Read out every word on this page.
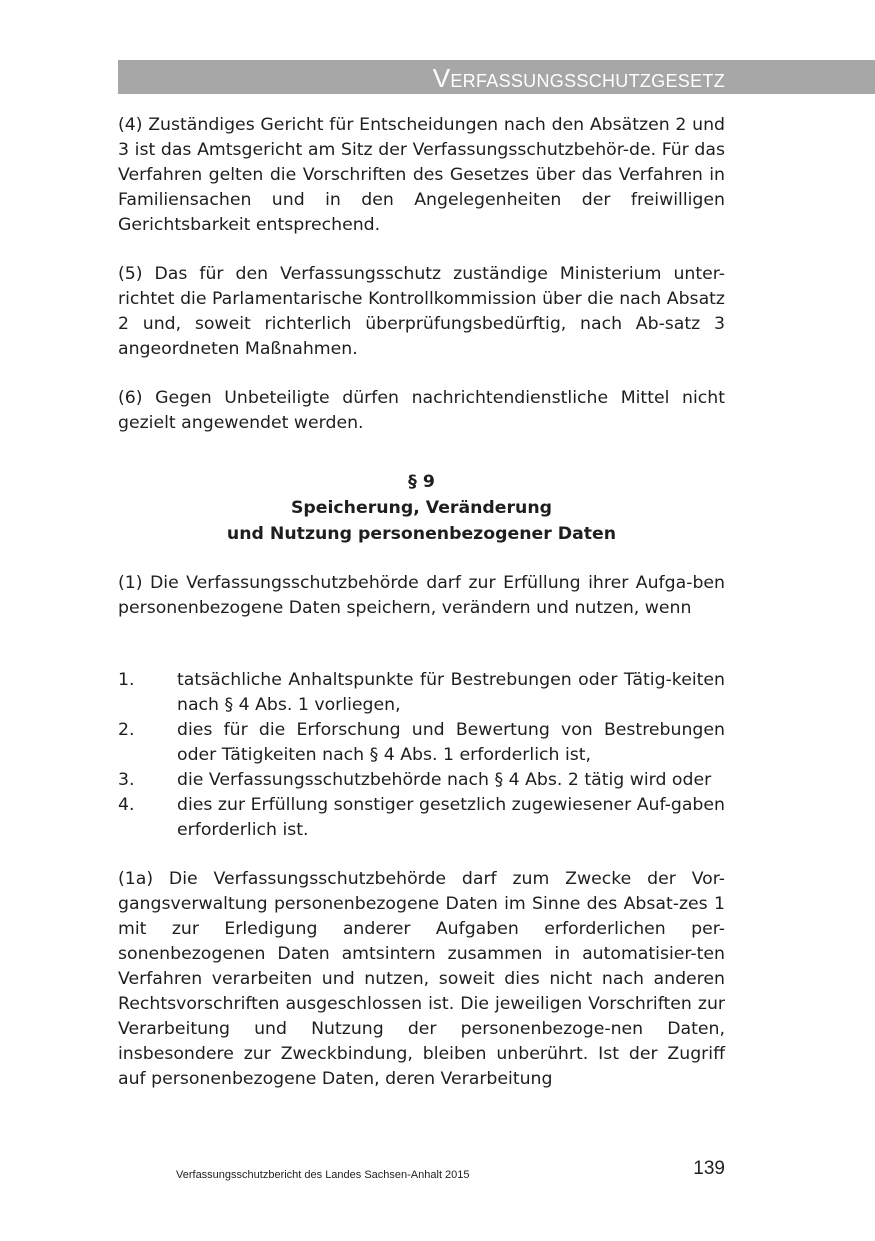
Verfassungsschutzgesetz

(4) Zuständiges Gericht für Entscheidungen nach den Absätzen 2 und 3 ist das Amtsgericht am Sitz der Verfassungsschutzbehör-de. Für das Verfahren gelten die Vorschriften des Gesetzes über das Verfahren in Familiensachen und in den Angelegenheiten der freiwilligen Gerichtsbarkeit entsprechend.

(5) Das für den Verfassungsschutz zuständige Ministerium unter-richtet die Parlamentarische Kontrollkommission über die nach Absatz 2 und, soweit richterlich überprüfungsbedürftig, nach Ab-satz 3 angeordneten Maßnahmen.

(6) Gegen Unbeteiligte dürfen nachrichtendienstliche Mittel nicht gezielt angewendet werden.

§ 9
Speicherung, Veränderung
und Nutzung personenbezogener Daten

(1) Die Verfassungsschutzbehörde darf zur Erfüllung ihrer Aufga-ben personenbezogene Daten speichern, verändern und nutzen, wenn

1.	tatsächliche Anhaltspunkte für Bestrebungen oder Tätig-keiten nach § 4 Abs. 1 vorliegen,
2.	dies für die Erforschung und Bewertung von Bestrebungen oder Tätigkeiten nach § 4 Abs. 1 erforderlich ist,
3.	die Verfassungsschutzbehörde nach § 4 Abs. 2 tätig wird oder
4.	dies zur Erfüllung sonstiger gesetzlich zugewiesener Auf-gaben erforderlich ist.

(1a) Die Verfassungsschutzbehörde darf zum Zwecke der Vor-gangsverwaltung personenbezogene Daten im Sinne des Absat-zes 1 mit zur Erledigung anderer Aufgaben erforderlichen per-sonenbezogenen Daten amtsintern zusammen in automatisier-ten Verfahren verarbeiten und nutzen, soweit dies nicht nach anderen Rechtsvorschriften ausgeschlossen ist. Die jeweiligen Vorschriften zur Verarbeitung und Nutzung der personenbezoge-nen Daten, insbesondere zur Zweckbindung, bleiben unberührt. Ist der Zugriff auf personenbezogene Daten, deren Verarbeitung

Verfassungsschutzbericht des Landes Sachsen-Anhalt 2015	139
